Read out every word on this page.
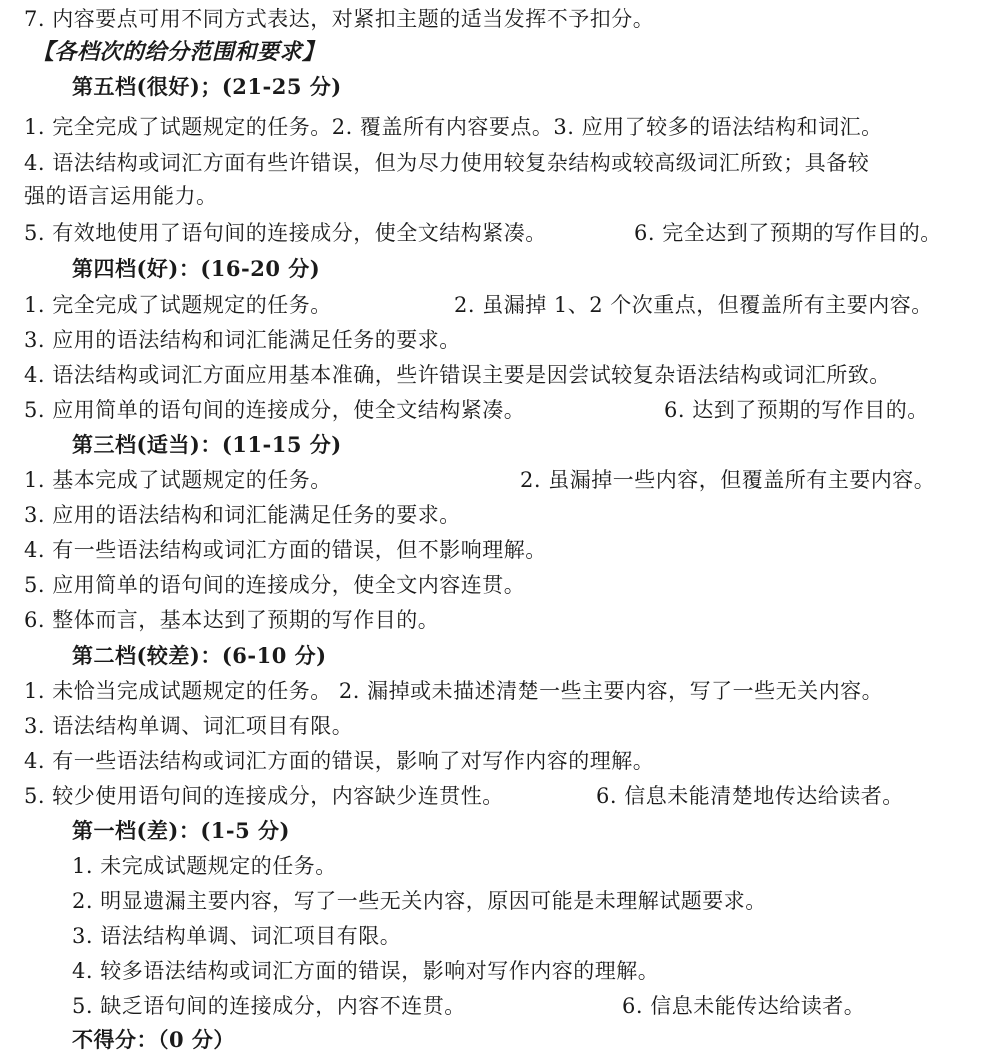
7. 内容要点可用不同方式表达，对紧扣主题的适当发挥不予扣分。
【各档次的给分范围和要求】
第五档(很好)；(21-25 分)
1. 完全完成了试题规定的任务。2. 覆盖所有内容要点。3. 应用了较多的语法结构和词汇。
4. 语法结构或词汇方面有些许错误，但为尽力使用较复杂结构或较高级词汇所致；具备较
强的语言运用能力。
5. 有效地使用了语句间的连接成分，使全文结构紧凑。	6. 完全达到了预期的写作目的。
第四档(好)：(16-20 分)
1. 完全完成了试题规定的任务。	2. 虽漏掉 1、2 个次重点，但覆盖所有主要内容。
3. 应用的语法结构和词汇能满足任务的要求。
4. 语法结构或词汇方面应用基本准确，些许错误主要是因尝试较复杂语法结构或词汇所致。
5. 应用简单的语句间的连接成分，使全文结构紧凑。	6. 达到了预期的写作目的。
第三档(适当)：(11-15 分)
1. 基本完成了试题规定的任务。	2. 虽漏掉一些内容，但覆盖所有主要内容。
3. 应用的语法结构和词汇能满足任务的要求。
4. 有一些语法结构或词汇方面的错误，但不影响理解。
5. 应用简单的语句间的连接成分，使全文内容连贯。
6. 整体而言，基本达到了预期的写作目的。
第二档(较差)：(6-10 分)
1. 未恰当完成试题规定的任务。 2. 漏掉或未描述清楚一些主要内容，写了一些无关内容。
3. 语法结构单调、词汇项目有限。
4. 有一些语法结构或词汇方面的错误，影响了对写作内容的理解。
5. 较少使用语句间的连接成分，内容缺少连贯性。	6. 信息未能清楚地传达给读者。
第一档(差)：(1-5 分)
1. 未完成试题规定的任务。
2. 明显遗漏主要内容，写了一些无关内容，原因可能是未理解试题要求。
3. 语法结构单调、词汇项目有限。
4. 较多语法结构或词汇方面的错误，影响对写作内容的理解。
5. 缺乏语句间的连接成分，内容不连贯。	6. 信息未能传达给读者。
不得分：（0 分）
